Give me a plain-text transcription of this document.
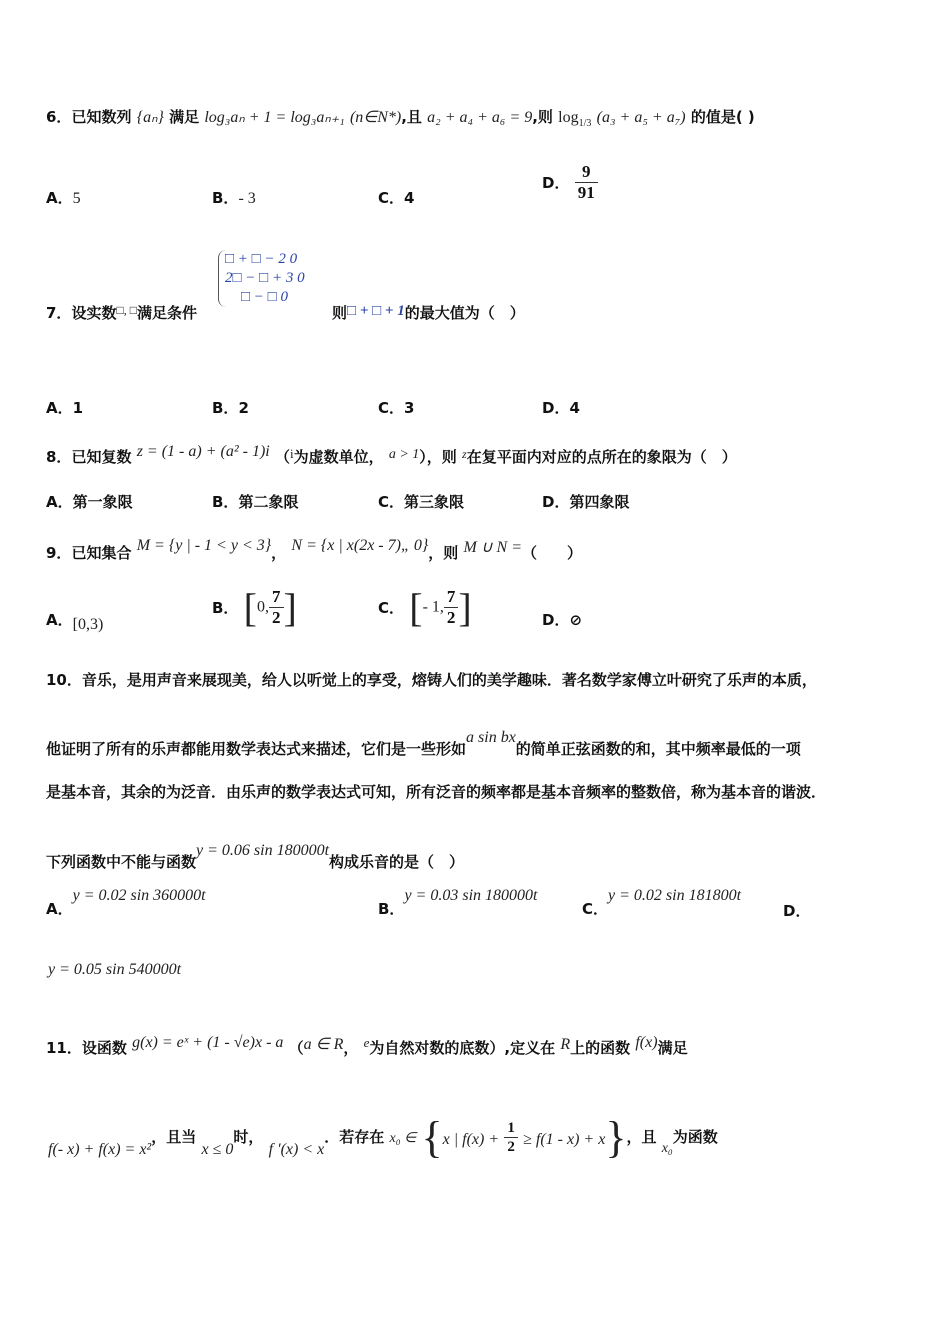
6．已知数列 {aₙ} 满足 log₃aₙ + 1 = log₃aₙ₊₁ (n∈N*),且 a₂ + a₄ + a₆ = 9,则 $\log_{1/3} (a_3 + a_5 + a_7)$ 的值是( )
A．5	B．- 3	C．4
D． $\frac{9}{91}$
□ + □ − 2 0
2□ − □ + 3 0
□ − □ 0
7．设实数□, □满足条件	则□ + □ + 1的最大值为（　）
A．1	B．2	C．3	D．4
8．已知复数 z = (1 - a) + (a² - 1)i （i为虚数单位， a > 1），则 $^z$在复平面内对应的点所在的象限为（　）
A．第一象限	B．第二象限	C．第三象限	D．第四象限
9．已知集合 M = {y | - 1 < y < 3}， N = {x | x(2x - 7)„ 0}，则 M ∪ N =（　　）
A．[0,3)
B． [0, $\frac{7}{2}$ ]	C． [- 1, $\frac{7}{2}$ ]	D．⊘
10．音乐，是用声音来展现美，给人以听觉上的享受，熔铸人们的美学趣味．著名数学家傅立叶研究了乐声的本质，
他证明了所有的乐声都能用数学表达式来描述，它们是一些形如a sin bx的简单正弦函数的和，其中频率最低的一项
是基本音，其余的为泛音．由乐声的数学表达式可知，所有泛音的频率都是基本音频率的整数倍，称为基本音的谐波．
下列函数中不能与函数y = 0.06 sin 180000t构成乐音的是（　）
A．y = 0.02 sin 360000t
B．y = 0.03 sin 180000t
C．y = 0.02 sin 181800t
D．
y = 0.05 sin 540000t
11．设函数 g(x) = eˣ + (1 - √e)x - a （a ∈ R， e为自然对数的底数）,定义在 R上的函数 f(x)满足
f(- x) + f(x) = x²，且当 x ≤ 0时， f ′(x) < x．若存在 x₀ ∈ {x | $f(x) + \frac{1}{2} \ge f(1 - x) + x$}，且 x₀为函数
